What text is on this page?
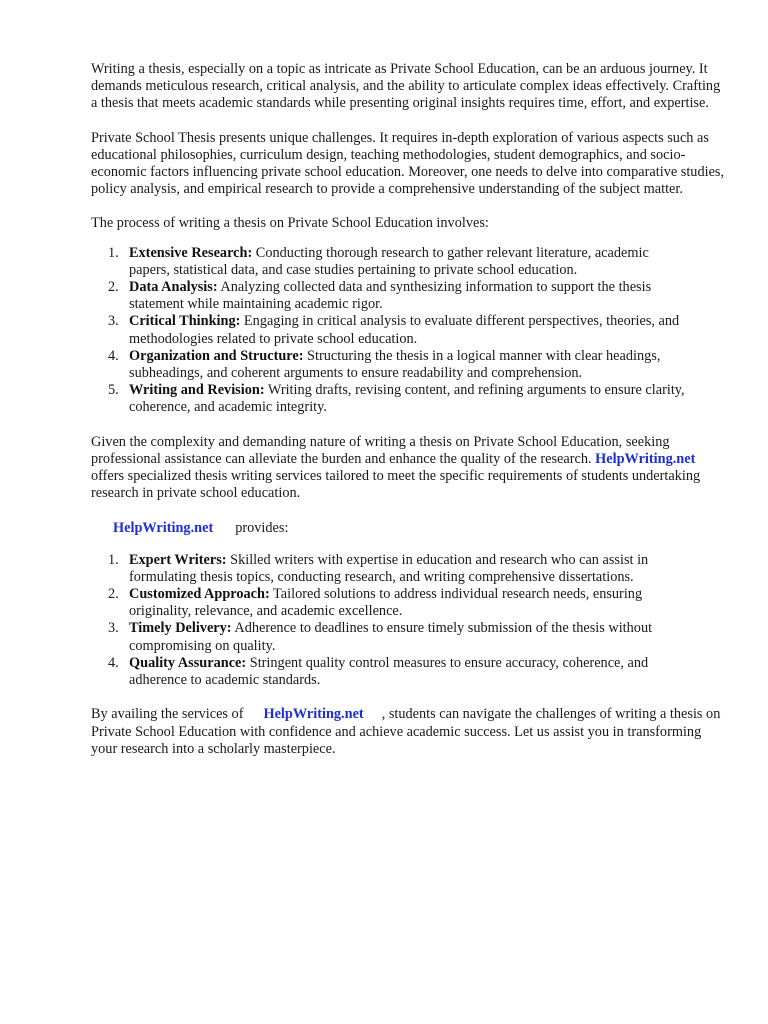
Writing a thesis, especially on a topic as intricate as Private School Education, can be an arduous journey. It demands meticulous research, critical analysis, and the ability to articulate complex ideas effectively. Crafting a thesis that meets academic standards while presenting original insights requires time, effort, and expertise.

Private School Thesis presents unique challenges. It requires in-depth exploration of various aspects such as educational philosophies, curriculum design, teaching methodologies, student demographics, and socio-economic factors influencing private school education. Moreover, one needs to delve into comparative studies, policy analysis, and empirical research to provide a comprehensive understanding of the subject matter.

The process of writing a thesis on Private School Education involves:

1. Extensive Research: Conducting thorough research to gather relevant literature, academic papers, statistical data, and case studies pertaining to private school education.
2. Data Analysis: Analyzing collected data and synthesizing information to support the thesis statement while maintaining academic rigor.
3. Critical Thinking: Engaging in critical analysis to evaluate different perspectives, theories, and methodologies related to private school education.
4. Organization and Structure: Structuring the thesis in a logical manner with clear headings, subheadings, and coherent arguments to ensure readability and comprehension.
5. Writing and Revision: Writing drafts, revising content, and refining arguments to ensure clarity, coherence, and academic integrity.

Given the complexity and demanding nature of writing a thesis on Private School Education, seeking professional assistance can alleviate the burden and enhance the quality of the research. HelpWriting.netoffers specialized thesis writing services tailored to meet the specific requirements of students undertaking research in private school education.

HelpWriting.net provides:

1. Expert Writers: Skilled writers with expertise in education and research who can assist in formulating thesis topics, conducting research, and writing comprehensive dissertations.
2. Customized Approach: Tailored solutions to address individual research needs, ensuring originality, relevance, and academic excellence.
3. Timely Delivery: Adherence to deadlines to ensure timely submission of the thesis without compromising on quality.
4. Quality Assurance: Stringent quality control measures to ensure accuracy, coherence, and adherence to academic standards.

By availing the services of HelpWriting.net , students can navigate the challenges of writing a thesis on Private School Education with confidence and achieve academic success. Let us assist you in transforming your research into a scholarly masterpiece.
